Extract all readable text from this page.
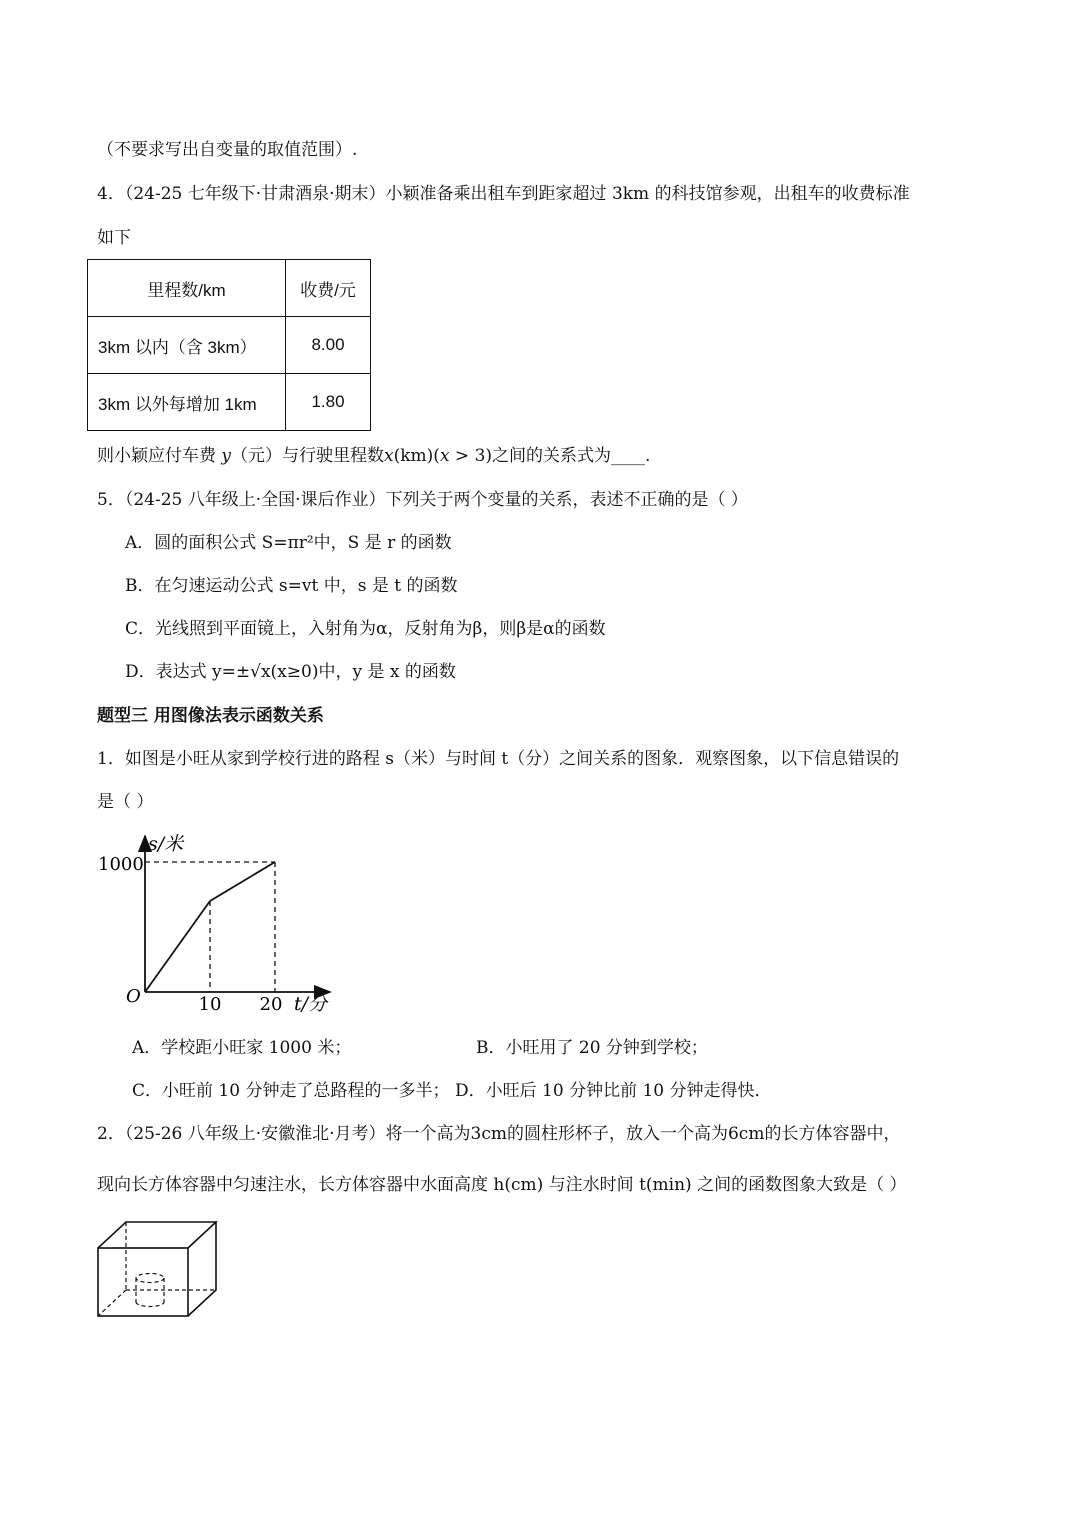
（不要求写出自变量的取值范围）.
4．（24-25 七年级下·甘肃酒泉·期末）小颖准备乘出租车到距家超过 3km 的科技馆参观，出租车的收费标准
如下
里程数/km	收费/元
3km 以内（含 3km）	8.00
3km 以外每增加 1km	1.80
则小颖应付车费 y（元）与行驶里程数x(km)(x > 3)之间的关系式为____.
5．（24-25 八年级上·全国·课后作业）下列关于两个变量的关系，表述不正确的是（ ）
A．圆的面积公式 S=πr²中，S 是 r 的函数
B．在匀速运动公式 s=vt 中，s 是 t 的函数
C．光线照到平面镜上，入射角为α，反射角为β，则β是α的函数
D．表达式 y=±√x(x≥0)中，y 是 x 的函数
题型三 用图像法表示函数关系
1．如图是小旺从家到学校行进的路程 s（米）与时间 t（分）之间关系的图象．观察图象，以下信息错误的
是（ ）
s/米
1000
O	10 20 t/分
A．学校距小旺家 1000 米；	B．小旺用了 20 分钟到学校；
C．小旺前 10 分钟走了总路程的一多半； D．小旺后 10 分钟比前 10 分钟走得快．
2．（25-26 八年级上·安徽淮北·月考）将一个高为3cm的圆柱形杯子，放入一个高为6cm的长方体容器中，
现向长方体容器中匀速注水，长方体容器中水面高度 h(cm) 与注水时间 t(min) 之间的函数图象大致是（ ）
